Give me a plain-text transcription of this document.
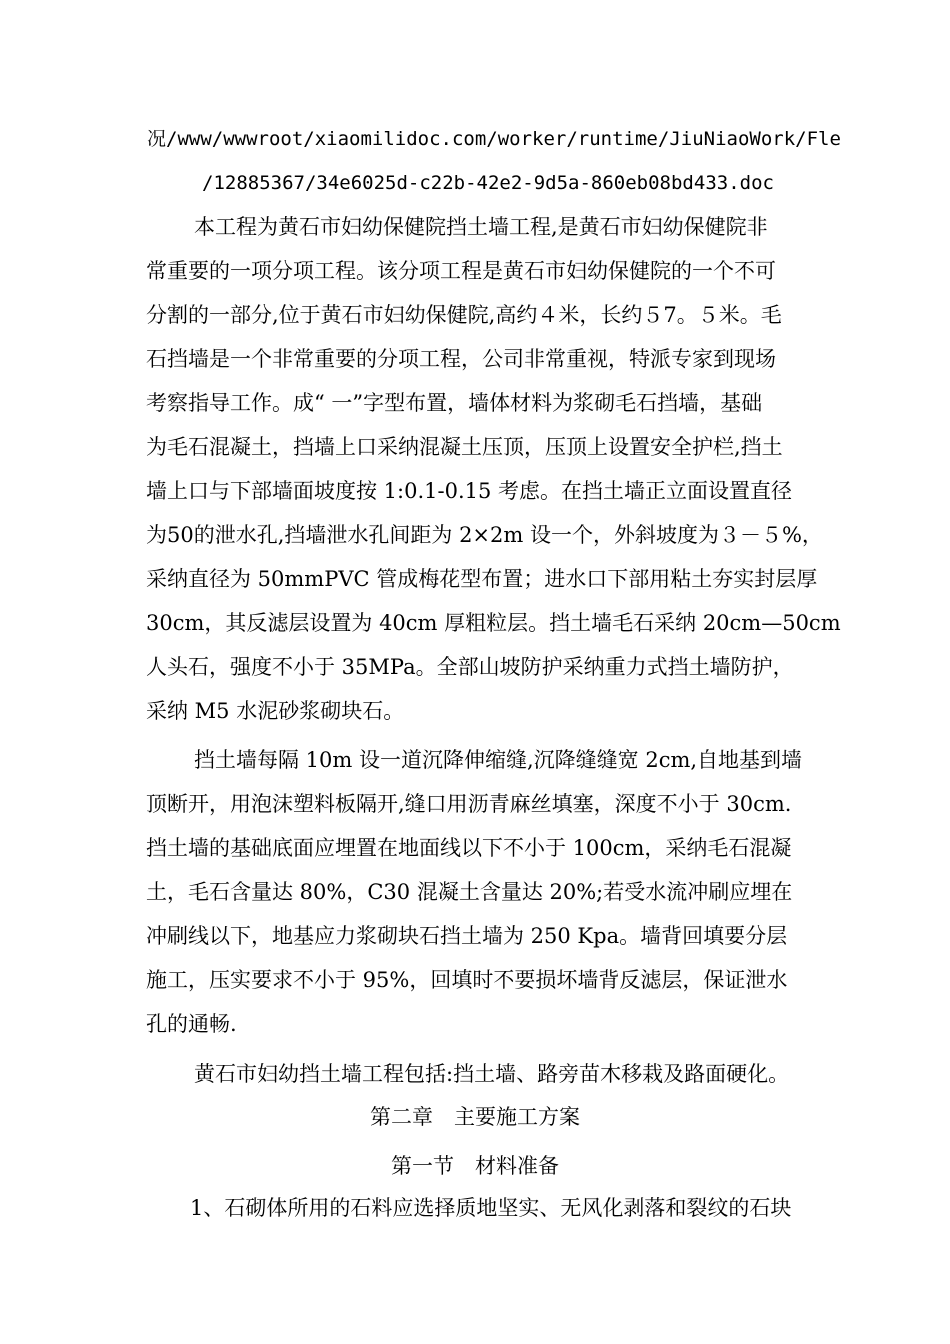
况/www/wwwroot/xiaomilidoc.com/worker/runtime/JiuNiaoWork/Fle
/12885367/34e6025d-c22b-42e2-9d5a-860eb08bd433.doc
本工程为黄石市妇幼保健院挡土墙工程,是黄石市妇幼保健院非
常重要的一项分项工程。该分项工程是黄石市妇幼保健院的一个不可
分割的一部分,位于黄石市妇幼保健院,高约４米，长约５7。５米。毛
石挡墙是一个非常重要的分项工程，公司非常重视，特派专家到现场
考察指导工作。成“ 一”字型布置，墙体材料为浆砌毛石挡墙，基础
为毛石混凝土，挡墙上口采纳混凝土压顶，压顶上设置安全护栏,挡土
墙上口与下部墙面坡度按 1:0.1-0.15 考虑。在挡土墙正立面设置直径
为50的泄水孔,挡墙泄水孔间距为 2×2m 设一个，外斜坡度为３－５%，
采纳直径为 50mmPVC 管成梅花型布置；进水口下部用粘土夯实封层厚
30cm，其反滤层设置为 40cm 厚粗粒层。挡土墙毛石采纳 20cm—50cm
人头石，强度不小于 35MPa。全部山坡防护采纳重力式挡土墙防护，
采纳 M5 水泥砂浆砌块石。
挡土墙每隔 10m 设一道沉降伸缩缝,沉降缝缝宽 2cm,自地基到墙
顶断开，用泡沫塑料板隔开,缝口用沥青麻丝填塞，深度不小于 30cm.
挡土墙的基础底面应埋置在地面线以下不小于 100cm，采纳毛石混凝
土，毛石含量达 80%，C30 混凝土含量达 20%;若受水流冲刷应埋在
冲刷线以下，地基应力浆砌块石挡土墙为 250 Kpa。墙背回填要分层
施工，压实要求不小于 95%，回填时不要损坏墙背反滤层，保证泄水
孔的通畅.
黄石市妇幼挡土墙工程包括:挡土墙、路旁苗木移栽及路面硬化。
第二章　主要施工方案
第一节　材料准备
1、石砌体所用的石料应选择质地坚实、无风化剥落和裂纹的石块
